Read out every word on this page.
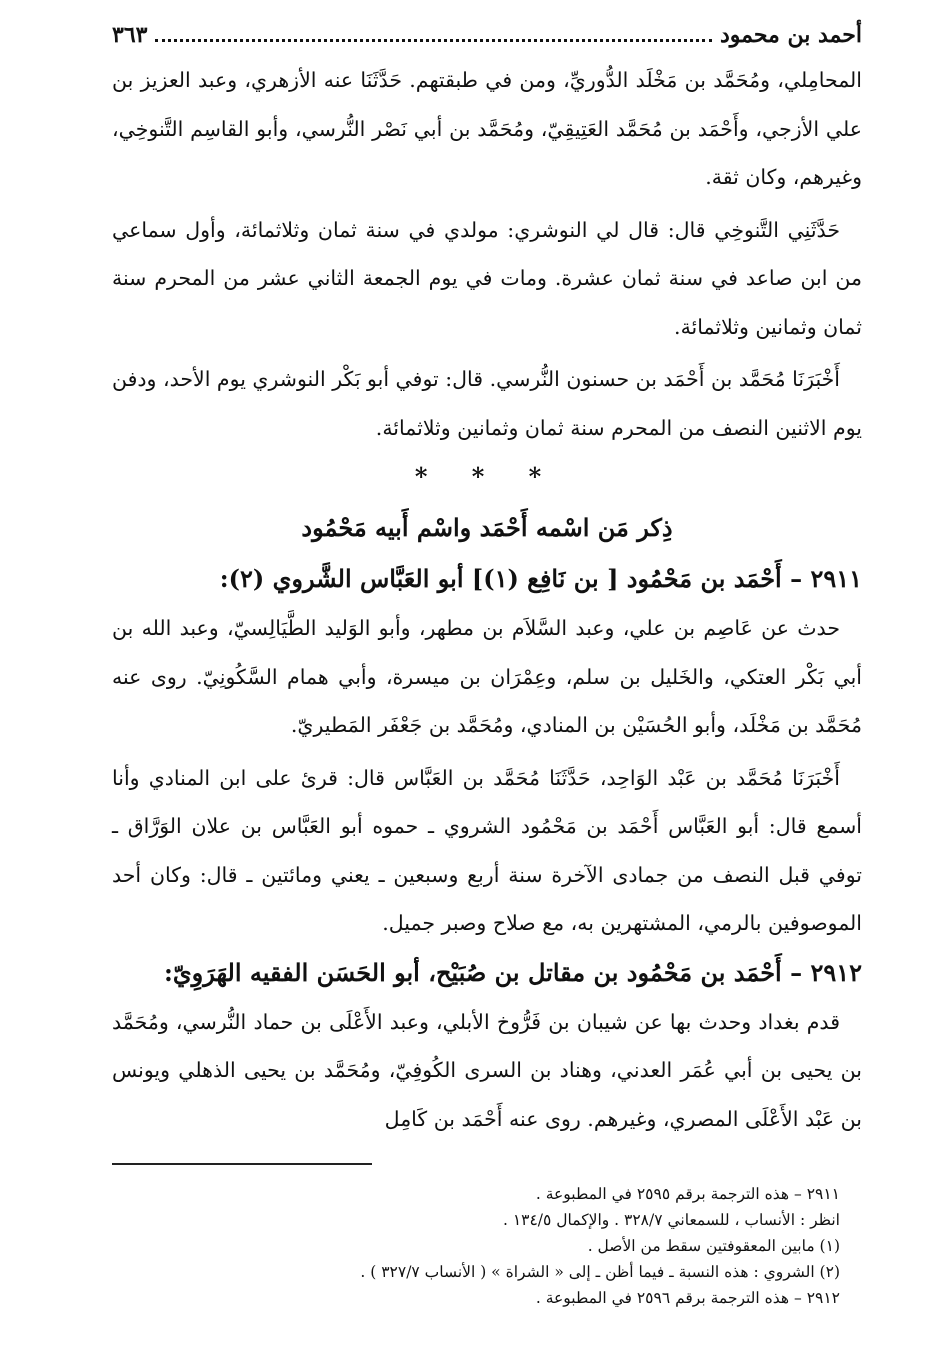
أحمد بن محمود
٣٦٣

المحامِلي، ومُحَمَّد بن مَخْلَد الدُّوريِّ، ومن في طبقتهم. حَدَّثَنَا عنه الأزهري، وعبد العزيز بن علي الأزجي، وأَحْمَد بن مُحَمَّد العَتِيقِيّ، ومُحَمَّد بن أبي نَصْر النُّرسي، وأبو القاسِم التَّنوخِي، وغيرهم، وكان ثقة.

حَدَّثَنِي التَّنوخِي قال: قال لي النوشري: مولدي في سنة ثمان وثلاثمائة، وأول سماعي من ابن صاعد في سنة ثمان عشرة. ومات في يوم الجمعة الثاني عشر من المحرم سنة ثمان وثمانين وثلاثمائة.

أَخْبَرَنَا مُحَمَّد بن أَحْمَد بن حسنون النُّرسي. قال: توفي أبو بَكْر النوشري يوم الأحد، ودفن يوم الاثنين النصف من المحرم سنة ثمان وثمانين وثلاثمائة.

* * *
ذِكر مَن اسْمه أَحْمَد واسْم أَبيه مَحْمُود

٢٩١١ – أَحْمَد بن مَحْمُود [ بن نَافِع (١)] أبو العَبَّاس الشَّروي (٢):

حدث عن عَاصِم بن علي، وعبد السَّلاَم بن مطهر، وأبو الوَليد الطَّيَالِسيّ، وعبد الله بن أبي بَكْر العتكي، والخَليل بن سلم، وعِمْرَان بن ميسرة، وأبي همام السَّكُونِيّ. روى عنه مُحَمَّد بن مَخْلَد، وأبو الحُسَيْن بن المنادي، ومُحَمَّد بن جَعْفَر المَطيريّ.

أَخْبَرَنَا مُحَمَّد بن عَبْد الوَاحِد، حَدَّثَنَا مُحَمَّد بن العَبَّاس قال: قرئ على ابن المنادي وأنا أسمع قال: أبو العَبَّاس أَحْمَد بن مَحْمُود الشروي ـ حموه أبو العَبَّاس بن علان الوَرَّاق ـ توفي قبل النصف من جمادى الآخرة سنة أربع وسبعين ـ يعني ومائتين ـ قال: وكان أحد الموصوفين بالرمي، المشتهرين به، مع صلاح وصبر جميل.

٢٩١٢ – أَحْمَد بن مَحْمُود بن مقاتل بن صُبَيْح، أبو الحَسَن الفقيه الهَرَوِيّ:

قدم بغداد وحدث بها عن شيبان بن فَرُّوخ الأبلي، وعبد الأَعْلَى بن حماد النُّرسي، ومُحَمَّد بن يحيى بن أبي عُمَر العدني، وهناد بن السرى الكُوفِيّ، ومُحَمَّد بن يحيى الذهلي ويونس بن عَبْد الأَعْلَى المصري، وغيرهم. روى عنه أَحْمَد بن كَامِل

٢٩١١ – هذه الترجمة برقم ٢٥٩٥ في المطبوعة .
انظر : الأنساب ، للسمعاني ٣٢٨/٧ . والإكمال ١٣٤/٥ .
(١) مابين المعقوفتين سقط من الأصل .
(٢) الشروي : هذه النسبة ـ فيما أظن ـ إلى « الشراة » ( الأنساب ٣٢٧/٧ ) .
٢٩١٢ – هذه الترجمة برقم ٢٥٩٦ في المطبوعة .
